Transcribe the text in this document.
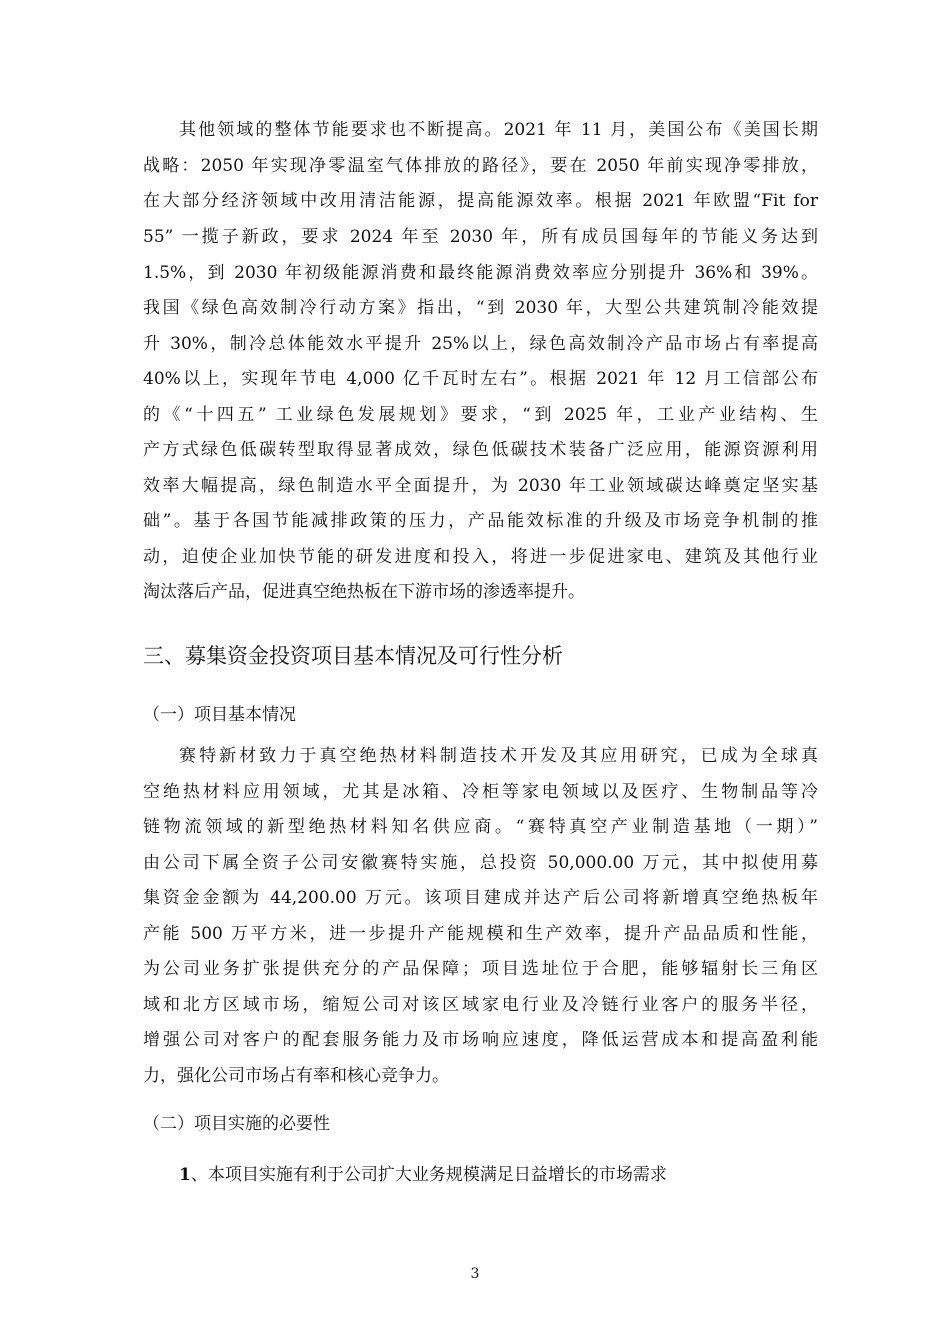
其他领域的整体节能要求也不断提高。2021 年 11 月，美国公布《美国长期
战略：2050 年实现净零温室气体排放的路径》，要在 2050 年前实现净零排放，
在大部分经济领域中改用清洁能源，提高能源效率。根据 2021 年欧盟“Fit for
55” 一揽子新政，要求 2024 年至 2030 年，所有成员国每年的节能义务达到
1.5%，到 2030 年初级能源消费和最终能源消费效率应分别提升 36%和 39%。
我国《绿色高效制冷行动方案》指出，“到 2030 年，大型公共建筑制冷能效提
升 30%，制冷总体能效水平提升 25%以上，绿色高效制冷产品市场占有率提高
40%以上，实现年节电 4,000 亿千瓦时左右”。根据 2021 年 12 月工信部公布
的《“十四五” 工业绿色发展规划》要求，“到 2025 年，工业产业结构、生
产方式绿色低碳转型取得显著成效，绿色低碳技术装备广泛应用，能源资源利用
效率大幅提高，绿色制造水平全面提升，为 2030 年工业领域碳达峰奠定坚实基
础”。基于各国节能减排政策的压力，产品能效标准的升级及市场竞争机制的推
动，迫使企业加快节能的研发进度和投入，将进一步促进家电、建筑及其他行业
淘汰落后产品，促进真空绝热板在下游市场的渗透率提升。
三、募集资金投资项目基本情况及可行性分析
（一）项目基本情况
赛特新材致力于真空绝热材料制造技术开发及其应用研究，已成为全球真
空绝热材料应用领域，尤其是冰箱、冷柜等家电领域以及医疗、生物制品等冷
链物流领域的新型绝热材料知名供应商。“赛特真空产业制造基地（一期）”
由公司下属全资子公司安徽赛特实施，总投资 50,000.00 万元，其中拟使用募
集资金金额为 44,200.00 万元。该项目建成并达产后公司将新增真空绝热板年
产能 500 万平方米，进一步提升产能规模和生产效率，提升产品品质和性能，
为公司业务扩张提供充分的产品保障；项目选址位于合肥，能够辐射长三角区
域和北方区域市场，缩短公司对该区域家电行业及冷链行业客户的服务半径，
增强公司对客户的配套服务能力及市场响应速度，降低运营成本和提高盈利能
力，强化公司市场占有率和核心竞争力。
（二）项目实施的必要性
1、本项目实施有利于公司扩大业务规模满足日益增长的市场需求
3
